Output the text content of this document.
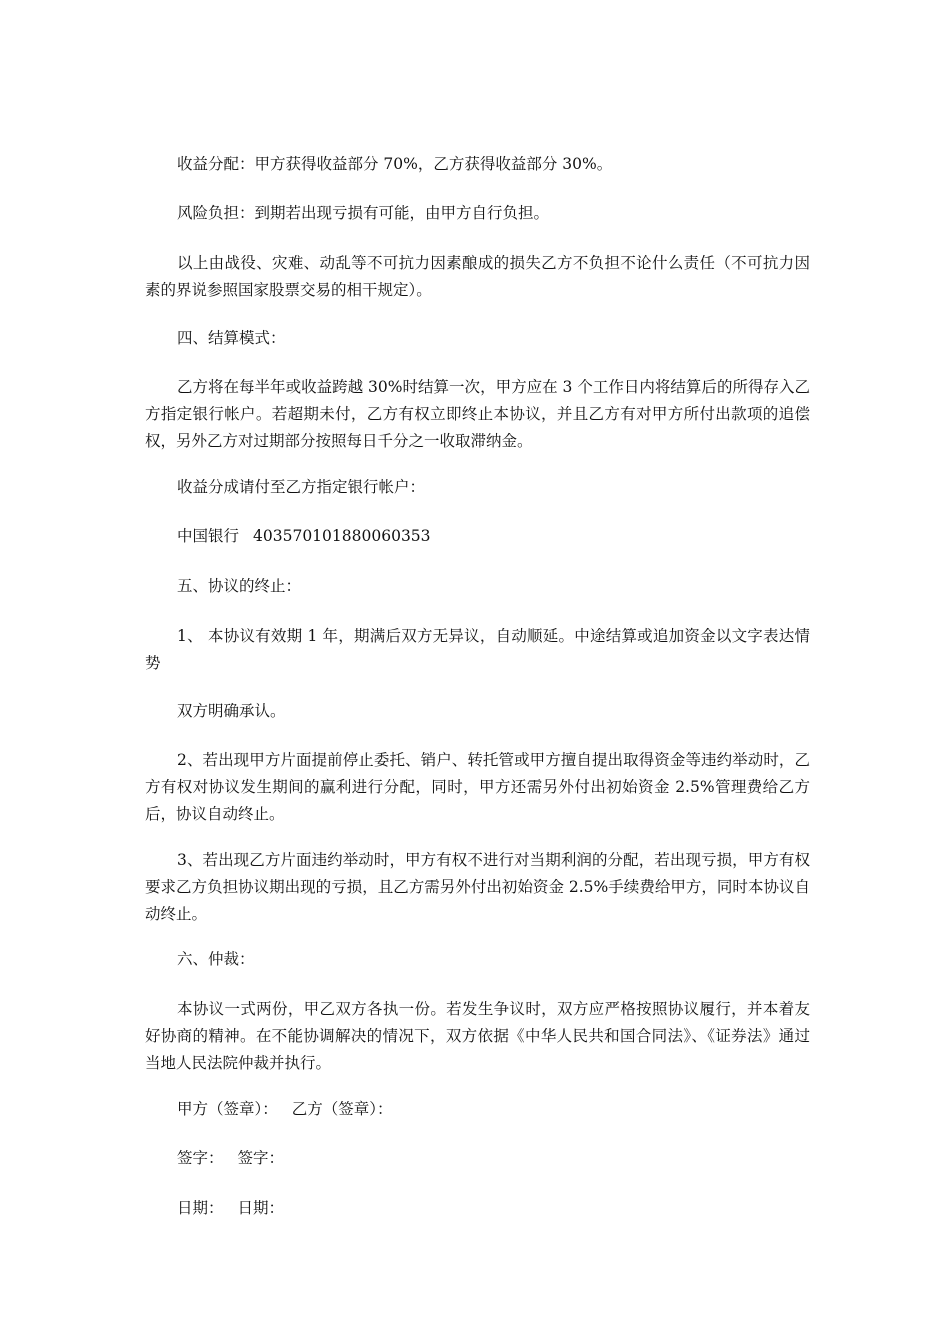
收益分配：甲方获得收益部分 70%，乙方获得收益部分 30%。

风险负担：到期若出现亏损有可能，由甲方自行负担。

以上由战役、灾难、动乱等不可抗力因素酿成的损失乙方不负担不论什么责任（不可抗力因素的界说参照国家股票交易的相干规定）。

四、结算模式：

乙方将在每半年或收益跨越 30%时结算一次，甲方应在 3 个工作日内将结算后的所得存入乙方指定银行帐户。若超期未付，乙方有权立即终止本协议，并且乙方有对甲方所付出款项的追偿权，另外乙方对过期部分按照每日千分之一收取滞纳金。

收益分成请付至乙方指定银行帐户：

中国银行 403570101880060353

五、协议的终止：

1、 本协议有效期 1 年，期满后双方无异议，自动顺延。中途结算或追加资金以文字表达情势

双方明确承认。

2、若出现甲方片面提前停止委托、销户、转托管或甲方擅自提出取得资金等违约举动时，乙方有权对协议发生期间的赢利进行分配，同时，甲方还需另外付出初始资金 2.5%管理费给乙方后，协议自动终止。

3、若出现乙方片面违约举动时，甲方有权不进行对当期利润的分配，若出现亏损，甲方有权要求乙方负担协议期出现的亏损，且乙方需另外付出初始资金 2.5%手续费给甲方，同时本协议自动终止。

六、仲裁：

本协议一式两份，甲乙双方各执一份。若发生争议时，双方应严格按照协议履行，并本着友好协商的精神。在不能协调解决的情况下，双方依据《中华人民共和国合同法》、《证券法》通过当地人民法院仲裁并执行。

甲方（签章）： 乙方（签章）：

签字： 签字：

日期： 日期：
